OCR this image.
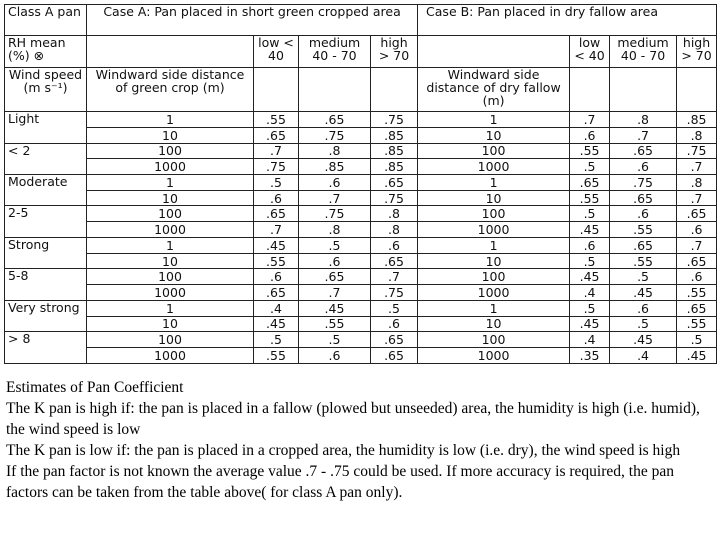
Class A pan	Case A: Pan placed in short green cropped area				Case B: Pan placed in dry fallow area			
RH mean (%) ⊗		low < 40	medium 40 - 70	high > 70		low < 40	medium 40 - 70	high > 70
Wind speed (m s⁻¹)	Windward side distance of green crop (m)				Windward side distance of dry fallow (m)			
Light	1	.55	.65	.75	1	.7	.8	.85
	10	.65	.75	.85	10	.6	.7	.8
< 2	100	.7	.8	.85	100	.55	.65	.75
	1000	.75	.85	.85	1000	.5	.6	.7
Moderate	1	.5	.6	.65	1	.65	.75	.8
	10	.6	.7	.75	10	.55	.65	.7
2-5	100	.65	.75	.8	100	.5	.6	.65
	1000	.7	.8	.8	1000	.45	.55	.6
Strong	1	.45	.5	.6	1	.6	.65	.7
	10	.55	.6	.65	10	.5	.55	.65
5-8	100	.6	.65	.7	100	.45	.5	.6
	1000	.65	.7	.75	1000	.4	.45	.55
Very strong	1	.4	.45	.5	1	.5	.6	.65
	10	.45	.55	.6	10	.45	.5	.55
> 8	100	.5	.5	.65	100	.4	.45	.5
	1000	.55	.6	.65	1000	.35	.4	.45

Estimates of Pan Coefficient

The K pan is high if: the pan is placed in a fallow (plowed but unseeded) area, the humidity is high (i.e. humid), the wind speed is low

The K pan is low if: the pan is placed in a cropped area, the humidity is low (i.e. dry), the wind speed is high

If the pan factor is not known the average value .7 - .75 could be used. If more accuracy is required, the pan factors can be taken from the table above( for class A pan only).
